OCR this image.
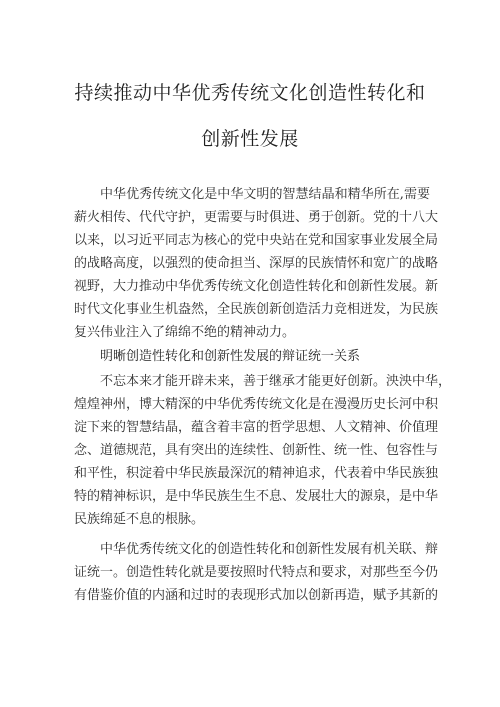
持续推动中华优秀传统文化创造性转化和
创新性发展
中华优秀传统文化是中华文明的智慧结晶和精华所在,需要
薪火相传、代代守护，更需要与时俱进、勇于创新。党的十八大
以来，以习近平同志为核心的党中央站在党和国家事业发展全局
的战略高度，以强烈的使命担当、深厚的民族情怀和宽广的战略
视野，大力推动中华优秀传统文化创造性转化和创新性发展。新
时代文化事业生机盎然，全民族创新创造活力竞相迸发，为民族
复兴伟业注入了绵绵不绝的精神动力。
明晰创造性转化和创新性发展的辩证统一关系
不忘本来才能开辟未来，善于继承才能更好创新。泱泱中华，
煌煌神州，博大精深的中华优秀传统文化是在漫漫历史长河中积
淀下来的智慧结晶，蕴含着丰富的哲学思想、人文精神、价值理
念、道德规范，具有突出的连续性、创新性、统一性、包容性与
和平性，积淀着中华民族最深沉的精神追求，代表着中华民族独
特的精神标识，是中华民族生生不息、发展壮大的源泉，是中华
民族绵延不息的根脉。
中华优秀传统文化的创造性转化和创新性发展有机关联、辩
证统一。创造性转化就是要按照时代特点和要求，对那些至今仍
有借鉴价值的内涵和过时的表现形式加以创新再造，赋予其新的
